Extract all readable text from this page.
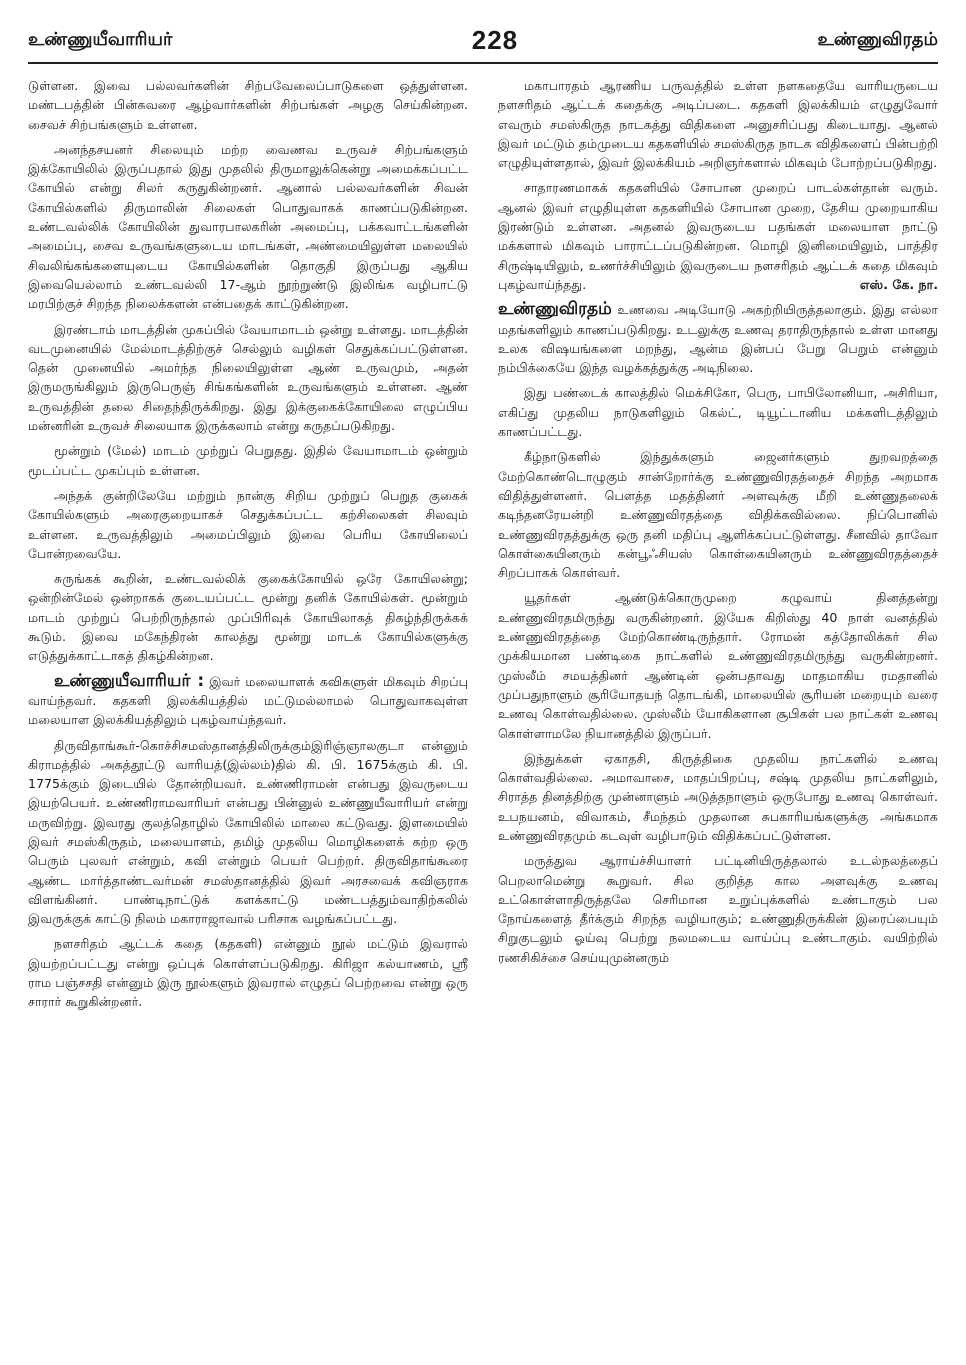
உண்ணுயீவாரியர்	228	உண்ணுவிரதம்

டுள்ளன. இவை பல்லவர்களின் சிற்பவேலைப்பாடுகளை ஒத்துள்ளன. மண்டபத்தின் பின்சுவரை ஆழ்வார்களின் சிற்பங்கள் அழகு செய்கின்றன. சைவச் சிற்பங்களும் உள்ளன.

அனந்தசயனர் சிலையும் மற்ற வைணவ உருவச் சிற்பங்களும் இக்கோயிலில் இருப்பதால் இது முதலில் திருமாலுக்கென்று அமைக்கப்பட்ட கோயில் என்று சிலர் கருதுகின்றனர். ஆனால் பல்லவர்களின் சிவன் கோயில்களில் திருமாலின் சிலைகள் பொதுவாகக் காணப்படுகின்றன. உண்டவல்லிக் கோயிலின் துவாரபாலகரின் அமைப்பு, பக்கவாட்டங்களின் அமைப்பு, சைவ உருவங்களுடைய மாடங்கள், அண்மையிலுள்ள மலையில் சிவலிங்கங்களையுடைய கோயில்களின் தொகுதி இருப்பது ஆகிய இவையெல்லாம் உண்டவல்லி 17-ஆம் நூற்றுண்டு இலிங்க வழிபாட்டு மரபிற்குச் சிறந்த நிலைக்களன் என்பதைக் காட்டுகின்றன.

இரண்டாம் மாடத்தின் முகப்பில் வேயாமாடம் ஒன்று உள்ளது. மாடத்தின் வடமுனையில் மேல்மாடத்திற்குச் செல்லும் வழிகள் செதுக்கப்பட்டுள்ளன. தென் முனையில் அமர்ந்த நிலையிலுள்ள ஆண் உருவமும், அதன் இருமருங்கிலும் இருபெருஞ் சிங்கங்களின் உருவங்களும் உள்ளன. ஆண் உருவத்தின் தலை சிதைந்திருக்கிறது. இது இக்குகைக்கோயிலை எழுப்பிய மன்னரின் உருவச் சிலையாக இருக்கலாம் என்று கருதப்படுகிறது.

மூன்றும் (மேல்) மாடம் முற்றுப் பெறுதது. இதில் வேயாமாடம் ஒன்றும் மூடப்பட்ட முகப்பும் உள்ளன.

அந்தக் குன்றிலேயே மற்றும் நான்கு சிறிய முற்றுப் பெறுத குகைக் கோயில்களும் அரைகுறையாகச் செதுக்கப்பட்ட கற்சிலைகள் சிலவும் உள்ளன. உருவத்திலும் அமைப்பிலும் இவை பெரிய கோயிலைப் போன்றவையே.

சுருங்கக் கூறின், உண்டவல்லிக் குகைக்கோயில் ஒரே கோயிலன்று; ஒன்றின்மேல் ஒன்றாகக் குடையப்பட்ட மூன்று தனிக் கோயில்கள். மூன்றும் மாடம் முற்றுப் பெற்றிருந்தால் முப்பிரிவுக் கோயிலாகத் திகழ்ந்திருக்கக் கூடும். இவை மகேந்திரன் காலத்து மூன்று மாடக் கோயில்களுக்கு எடுத்துக்காட்டாகத் திகழ்கின்றன.

உண்ணுயீவாரியர் : இவர் மலையாளக் கவிகளுள் மிகவும் சிறப்பு வாய்ந்தவர். கதகளி இலக்கியத்தில் மட்டுமல்லாமல் பொதுவாகவுள்ள மலையாள இலக்கியத்திலும் புகழ்வாய்ந்தவர்.

திருவிதாங்கூர்-கொச்சிசமஸ்தானத்திலிருக்கும்இரிஞ்ஞாலகுடா என்னும் கிராமத்தில் அகத்தூட்டு வாரியத்(இல்லம்)தில் கி. பி. 1675க்கும் கி. பி. 1775க்கும் இடையில் தோன்றியவர். உண்ணிராமன் என்பது இவருடைய இயற்பெயர். உண்ணிராமவாரியர் என்பது பின்னுல் உண்ணுயீவாரியர் என்று மருவிற்று. இவரது குலத்தொழில் கோயிலில் மாலை கட்டுவது. இளமையில் இவர் சமஸ்கிருதம், மலையாளம், தமிழ் முதலிய மொழிகளைக் கற்ற ஒரு பெரும் புலவர் என்றும், கவி என்றும் பெயர் பெற்றர். திருவிதாங்கூரை ஆண்ட மார்த்தாண்டவர்மன் சமஸ்தானத்தில் இவர் அரசவைக் கவிஞராக விளங்கினர். பாண்டிநாட்டுக் களக்காட்டு மண்டபத்தும்வாதிற்கலில் இவருக்குக் காட்டு நிலம் மகாராஜாவால் பரிசாக வழங்கப்பட்டது.

நளசரிதம் ஆட்டக் கதை (கதகளி) என்னும் நூல் மட்டும் இவரால் இயற்றப்பட்டது என்று ஒப்புக் கொள்ளப்படுகிறது. கிரிஜா கல்யாணம், ஸ்ரீ ராம பஞ்சசதி என்னும் இரு நூல்களும் இவரால் எழுதப் பெற்றவை என்று ஒரு சாரார் கூறுகின்றனர்.

மகாபாரதம் ஆரணிய பருவத்தில் உள்ள நளகதையே வாரியருடைய நளசரிதம் ஆட்டக் கதைக்கு அடிப்படை. கதகளி இலக்கியம் எழுதுவோர் எவரும் சமஸ்கிருத நாடகத்து விதிகளை அனுசரிப்பது கிடையாது. ஆனல் இவர் மட்டும் தம்முடைய கதகளியில் சமஸ்கிருத நாடக விதிகளைப் பின்பற்றி எழுதியுள்ளதால், இவர் இலக்கியம் அறிஞர்களால் மிகவும் போற்றப்படுகிறது.

சாதாரணமாகக் கதகளியில் சோபான முறைப் பாடல்கள்தான் வரும். ஆனல் இவர் எழுதியுள்ள கதகளியில் சோபான முறை, தேசிய முறையாகிய இரண்டும் உள்ளன. அதனல் இவருடைய பதங்கள் மலையாள நாட்டு மக்களால் மிகவும் பாராட்டப்படுகின்றன. மொழி இனிமையிலும், பாத்திர சிருஷ்டியிலும், உணர்ச்சியிலும் இவருடைய நளசரிதம் ஆட்டக் கதை மிகவும் புகழ்வாய்ந்தது.	எஸ். கே. நா.

உண்ணுவிரதம் உணவை அடியோடு அகற்றியிருத்தலாகும். இது எல்லா மதங்களிலும் காணப்படுகிறது. உடலுக்கு உணவு தராதிருந்தால் உள்ள மானது உலக விஷயங்களை மறந்து, ஆன்ம இன்பப் பேறு பெறும் என்னும் நம்பிக்கையே இந்த வழக்கத்துக்கு அடிநிலை.

இது பண்டைக் காலத்தில் மெக்சிகோ, பெரு, பாபிலோனியா, அசிரியா, எகிப்து முதலிய நாடுகளிலும் கெல்ட், டியூட்டானிய மக்களிடத்திலும் காணப்பட்டது.

கீழ்நாடுகளில் இந்துக்களும் ஜைனர்களும் துறவறத்தை மேற்கொண்டொழுகும் சான்றோர்க்கு உண்ணுவிரதத்தைச் சிறந்த அறமாக விதித்துள்ளனர். பௌத்த மதத்தினர் அளவுக்கு மீறி உண்ணுதலைக் கடிந்தனரேயன்றி உண்ணுவிரதத்தை விதிக்கவில்லை. நிப்பொனில் உண்ணுவிரதத்துக்கு ஒரு தனி மதிப்பு ஆளிக்கப்பட்டுள்ளது. சீனவில் தாவோ கொள்கையினரும் கன்பூஃசியஸ் கொள்கையினரும் உண்ணுவிரதத்தைச் சிறப்பாகக் கொள்வர்.

யூதர்கள் ஆண்டுக்கொருமுறை கழுவாய் தினத்தன்று உண்ணுவிரதமிருந்து வருகின்றனர். இயேசு கிறிஸ்து 40 நாள் வனத்தில் உண்ணுவிரதத்தை மேற்கொண்டிருந்தார். ரோமன் கத்தோலிக்கர் சில முக்கியமான பண்டிகை நாட்களில் உண்ணுவிரதமிருந்து வருகின்றனர். முஸ்லீம் சமயத்தினர் ஆண்டின் ஒன்பதாவது மாதமாகிய ரமதானில் முப்பதுநாளும் சூரியோதயந் தொடங்கி, மாலையில் சூரியன் மறையும் வரை உணவு கொள்வதில்லை. முஸ்லீம் யோகிகளான சூபிகள் பல நாட்கள் உணவு கொள்ளாமலே நியானத்தில் இருப்பர்.

இந்துக்கள் ஏகாதசி, கிருத்திகை முதலிய நாட்களில் உணவு கொள்வதில்லை. அமாவாசை, மாதப்பிறப்பு, சஷ்டி முதலிய நாட்களிலும், சிராத்த தினத்திற்கு முன்னாளும் அடுத்தநாளும் ஒருபோது உணவு கொள்வர். உபநயனம், விவாகம், சீமந்தம் முதலான சுபகாரியங்களுக்கு அங்கமாக உண்ணுவிரதமும் கடவுள் வழிபாடும் விதிக்கப்பட்டுள்ளன.

மருத்துவ ஆராய்ச்சியாளர் பட்டினியிருத்தலால் உடல்நலத்தைப் பெறலாமென்று கூறுவர். சில குறித்த கால அளவுக்கு உணவு உட்கொள்ளாதிருத்தலே செரிமான உறுப்புக்களில் உண்டாகும் பல நோய்களைத் தீர்க்கும் சிறந்த வழியாகும்; உண்ணுதிருக்கின் இரைப்பையும் சிறுகுடலும் ஓய்வு பெற்று நலமடைய வாய்ப்பு உண்டாகும். வயிற்றில் ரணசிகிச்சை செய்யுமுன்னரும்
